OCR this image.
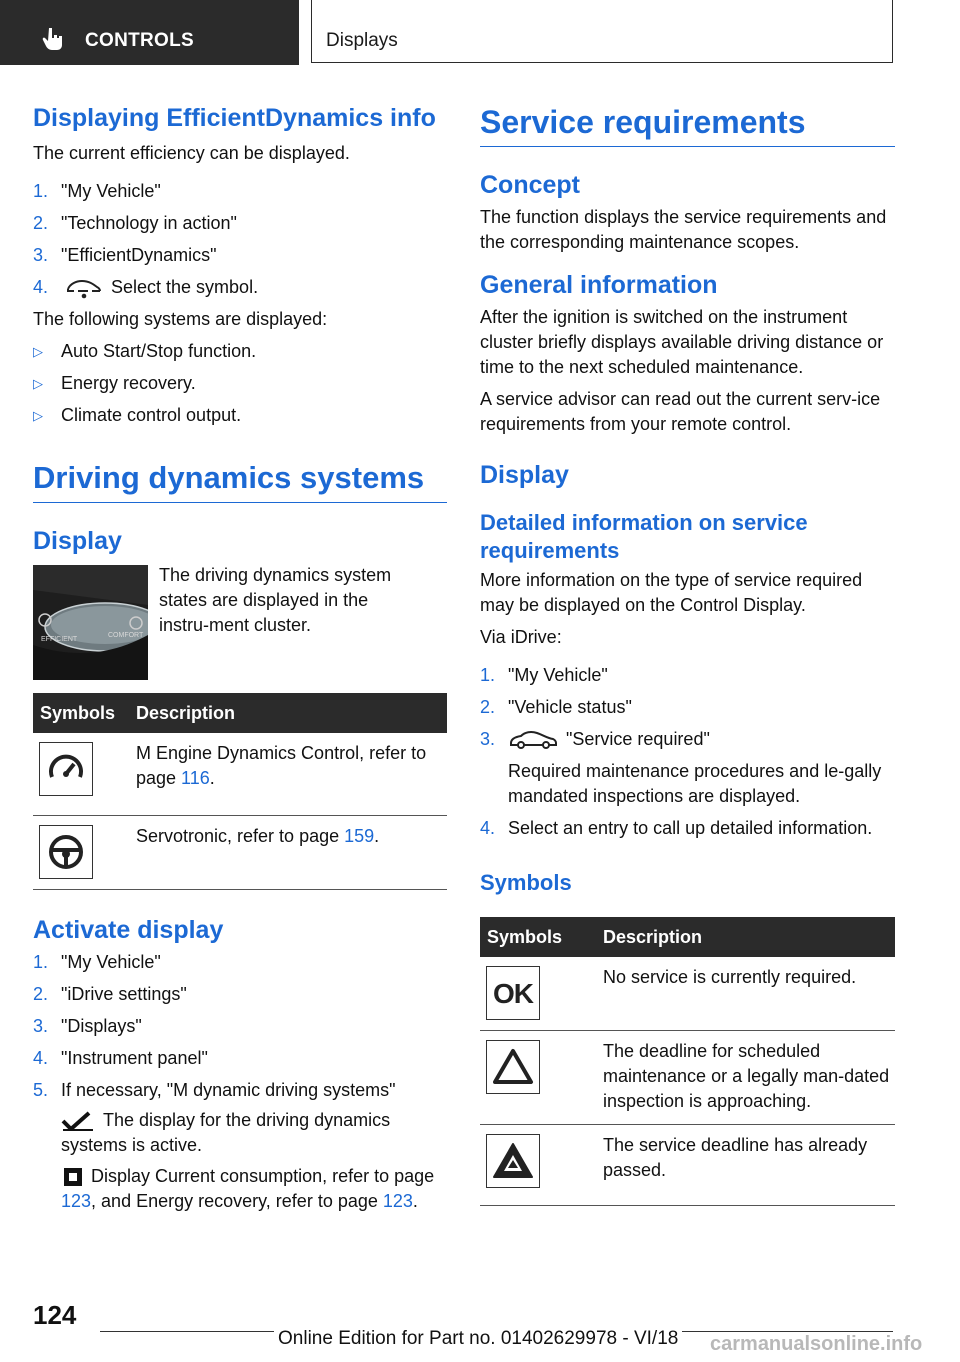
CONTROLS	Displays
Displaying EfficientDynamics info

The current efficiency can be displayed.

1. "My Vehicle"
2. "Technology in action"
3. "EfficientDynamics"
4.	Select the symbol.

The following systems are displayed:

▷ Auto Start/Stop function.
▷ Energy recovery.
▷ Climate control output.
Driving dynamics systems
Display
EFFICIENT
COMFORT

The driving dynamics system states are displayed in the instru‐ment cluster.

Symbols	Description

	M Engine Dynamics Control, refer to page 116.

	Servotronic, refer to page 159.
Activate display
1. "My Vehicle"
2. "iDrive settings"
3. "Displays"
4. "Instrument panel"
5. If necessary, "M dynamic driving systems"

The display for the driving dynamics systems is active.

Display Current consumption, refer to page 123, and Energy recovery, refer to page 123.

Service requirements
Concept

The function displays the service requirements and the corresponding maintenance scopes.

General information

After the ignition is switched on the instrument cluster briefly displays available driving distance or time to the next scheduled maintenance.

A service advisor can read out the current serv‐ice requirements from your remote control.

Display
Detailed information on service requirements

More information on the type of service required may be displayed on the Control Display.

Via iDrive:

1. "My Vehicle"
2. "Vehicle status"
3.	"Service required"
Required maintenance procedures and le‐gally mandated inspections are displayed.
4. Select an entry to call up detailed information.
Symbols
Symbols	Description

OK	No service is currently required.

	The deadline for scheduled maintenance or a legally man‐dated inspection is approaching.

	The service deadline has already passed.
124
Online Edition for Part no. 01402629978 - VI/18 carmanualsonline.info
